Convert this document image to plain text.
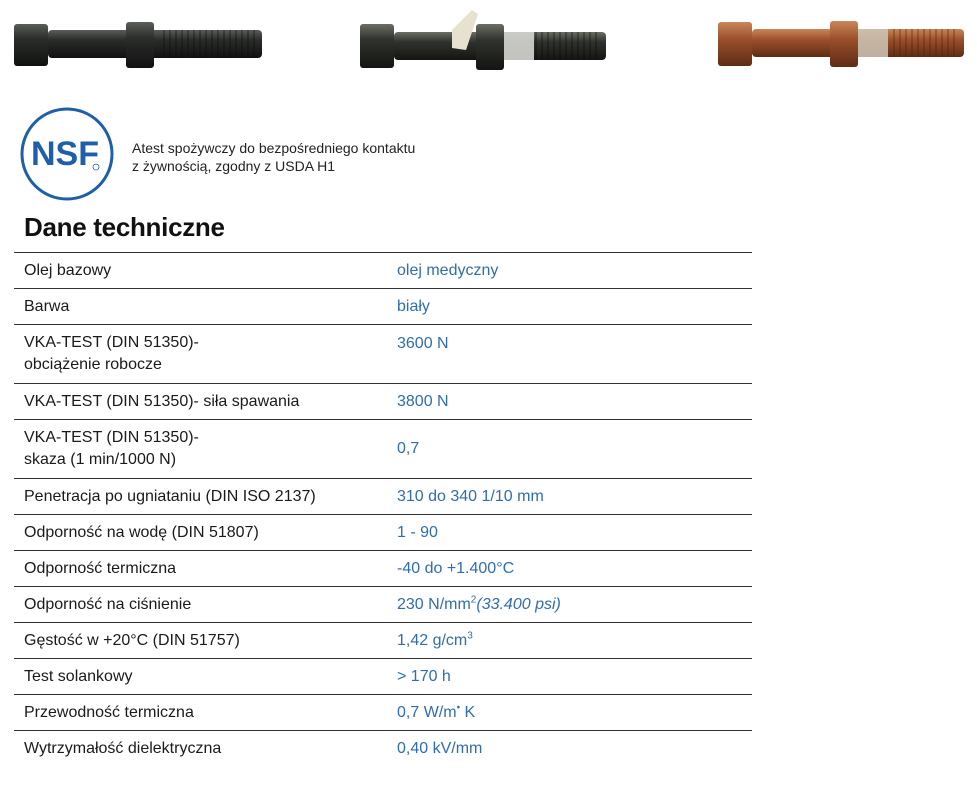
NSF Atest spożywczy do bezpośredniego kontaktu
z żywnością, zgodny z USDA H1
Dane techniczne
Olej bazowy	olej medyczny
Barwa	biały

VKA-TEST (DIN 51350)-
obciążenie robocze	3600 N
VKA-TEST (DIN 51350)- siła spawania	3800 N

VKA-TEST (DIN 51350)-
skaza (1 min/1000 N)	0,7
Penetracja po ugniataniu (DIN ISO 2137)	310 do 340 1/10 mm
Odporność na wodę (DIN 51807)	1 - 90
Odporność termiczna	-40 do +1.400°C
Odporność na ciśnienie	230 $N/mm^2(33.400$ psi)
Gęstość w +20°C (DIN 51757)	1,42 $g/cm^3$
Test solankowy	> 170 h
Przewodność termiczna	0,7 W/m• K
Wytrzymałość dielektryczna	0,40 kV/mm
